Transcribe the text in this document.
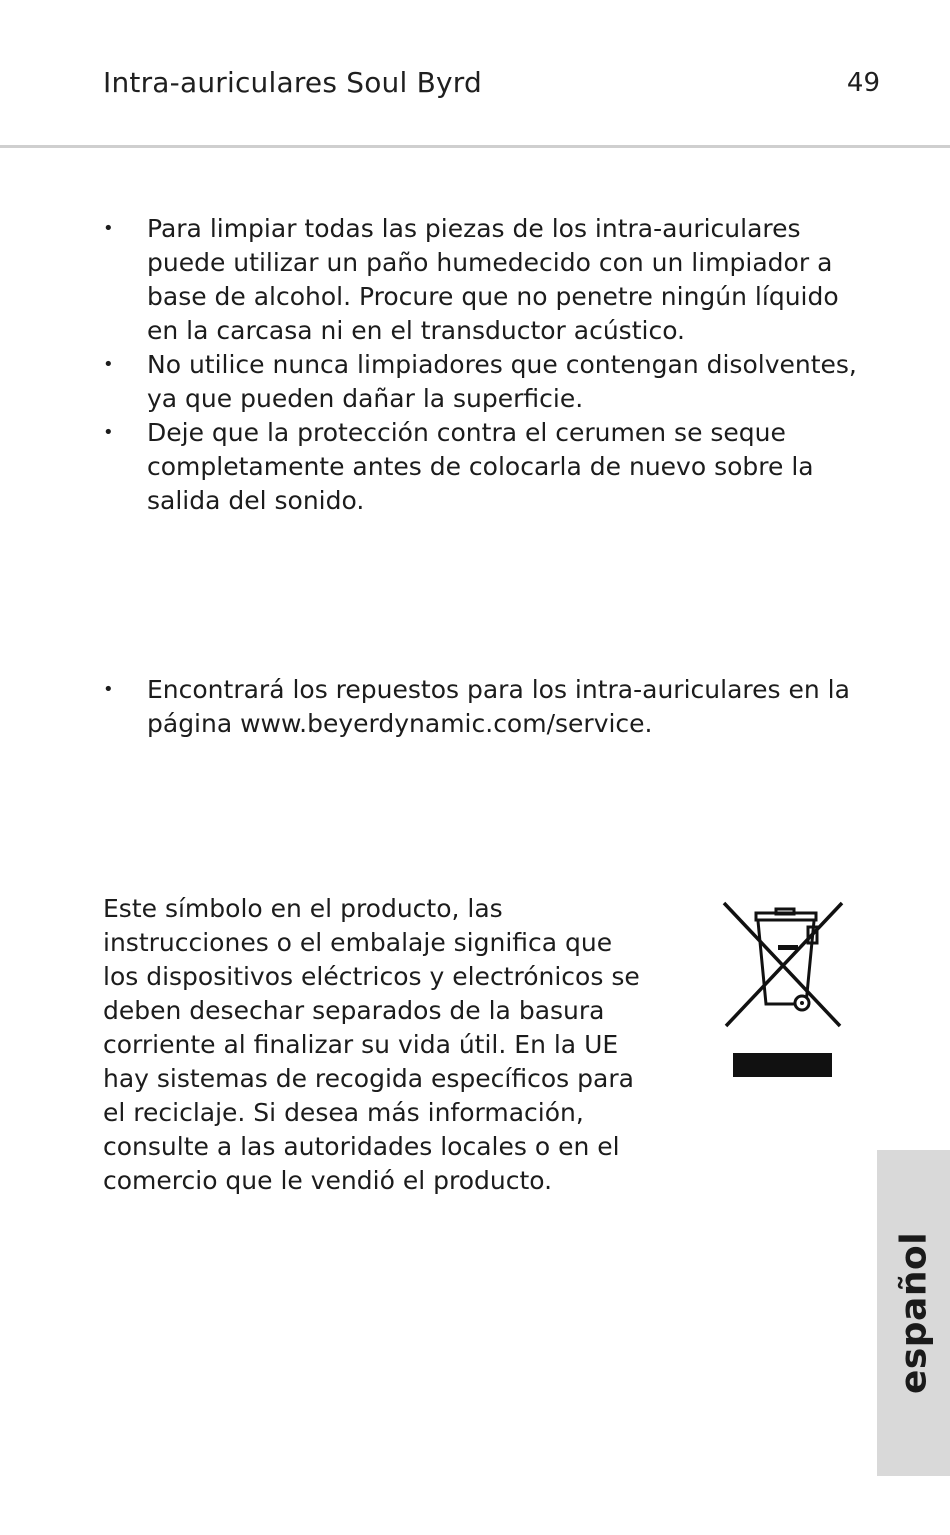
Intra-auriculares Soul Byrd	49
• Para limpiar todas las piezas de los intra-auriculares puede utilizar un paño humedecido con un limpiador a base de alcohol. Procure que no penetre ningún líquido en la carcasa ni en el transductor acústico.
• No utilice nunca limpiadores que contengan disolventes, ya que pueden dañar la superficie.
• Deje que la protección contra el cerumen se seque completamente antes de colocarla de nuevo sobre la salida del sonido.
• Encontrará los repuestos para los intra-auriculares en la página www.beyerdynamic.com/service.

Este símbolo en el producto, las instrucciones o el embalaje significa que los dispositivos eléctricos y electrónicos se deben desechar separados de la basura corriente al finalizar su vida útil. En la UE hay sistemas de recogida específicos para el reciclaje. Si desea más información, consulte a las autoridades locales o en el comercio que le vendió el producto.

español
